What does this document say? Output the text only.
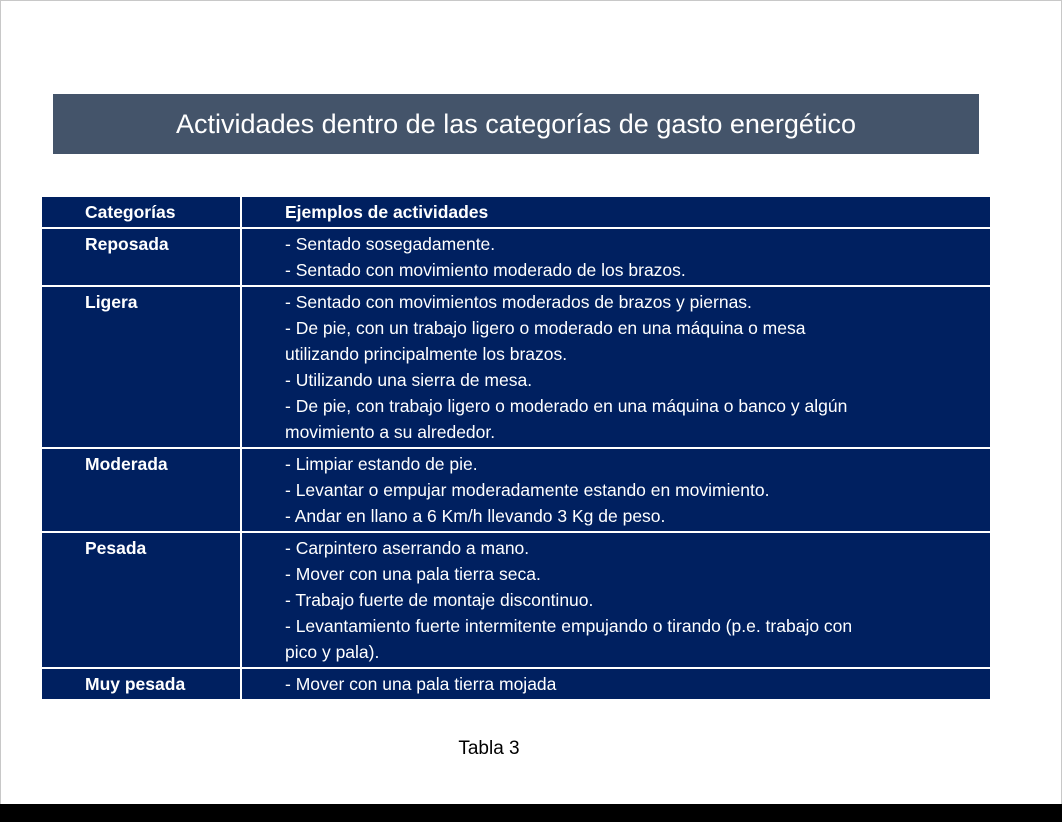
Actividades dentro de las categorías de gasto energético
Categorías	Ejemplos de actividades
Reposada	- Sentado sosegadamente.
- Sentado con movimiento moderado de los brazos.
Ligera	- Sentado con movimientos moderados de brazos y piernas.
- De pie, con un trabajo ligero o moderado en una máquina o mesa
utilizando principalmente los brazos.
- Utilizando una sierra de mesa.
- De pie, con trabajo ligero o moderado en una máquina o banco y algún
movimiento a su alrededor.
Moderada	- Limpiar estando de pie.
- Levantar o empujar moderadamente estando en movimiento.
- Andar en llano a 6 Km/h llevando 3 Kg de peso.
Pesada	- Carpintero aserrando a mano.
- Mover con una pala tierra seca.
- Trabajo fuerte de montaje discontinuo.
- Levantamiento fuerte intermitente empujando o tirando (p.e. trabajo con
pico y pala).
Muy pesada	- Mover con una pala tierra mojada
Tabla 3
